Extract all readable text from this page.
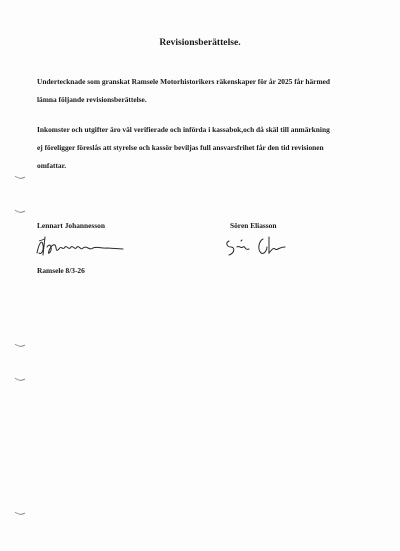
Revisionsberättelse.
Undertecknade som granskat Ramsele Motorhistorikers räkenskaper för år 2025 får härmed
lämna följande revisionsberättelse.
Inkomster och utgifter äro väl verifierade och införda i kassabok,och då skäl till anmärkning
ej föreligger föreslås att styrelse och kassör beviljas full ansvarsfrihet får den tid revisionen
omfattar.
Lennart Johannesson	Sören Eliasson
Ramsele 8/3-26
